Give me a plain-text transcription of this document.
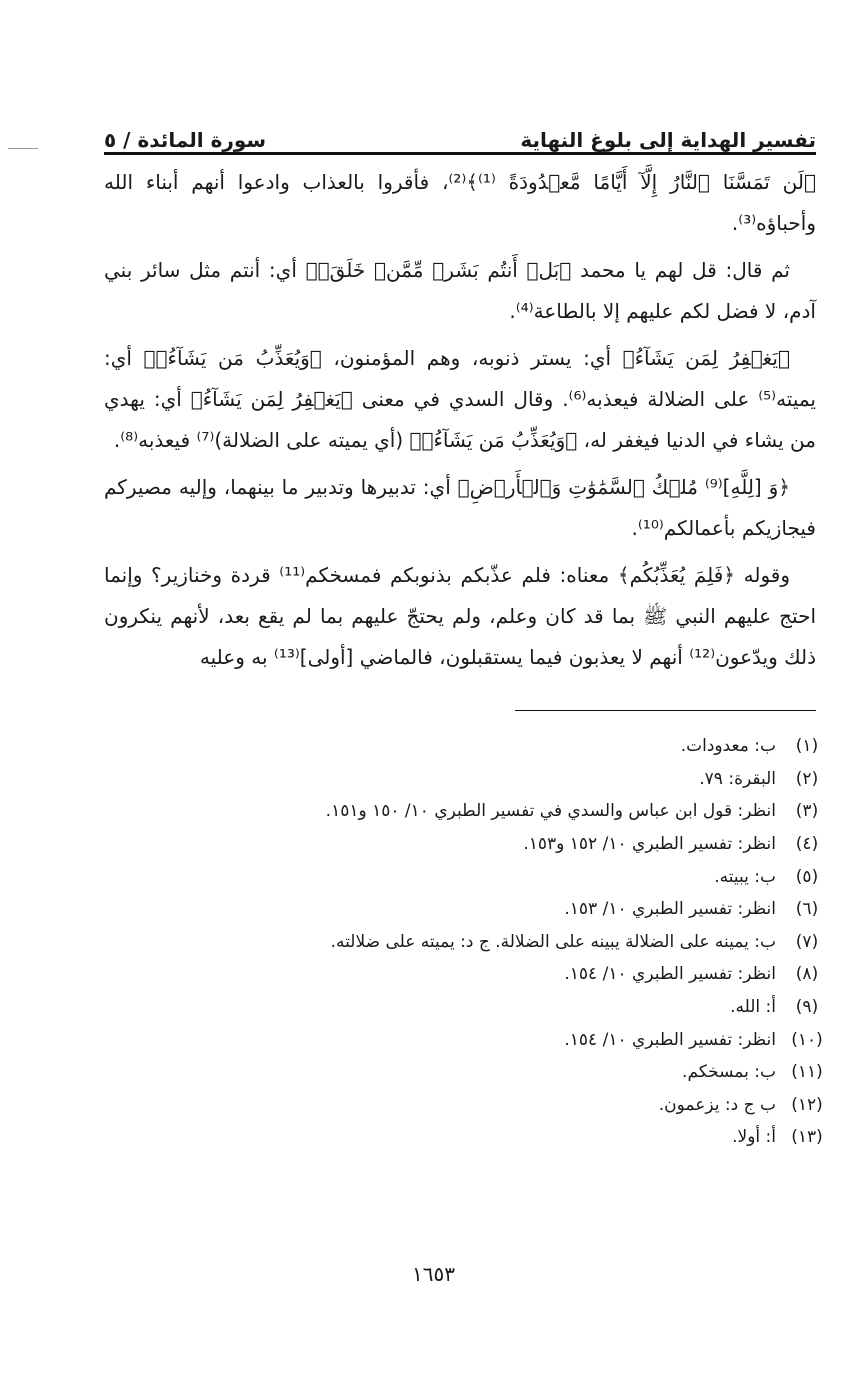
تفسير الهداية إلى بلوغ النهاية
سورة المائدة / ٥

﴿لَن تَمَسَّنَا ٱلنَّارُ إِلَّآ أَيَّامًا مَّعۡدُودَةً ⁽¹⁾﴾⁽²⁾، فأقروا بالعذاب وادعوا أنهم أبناء الله وأحباؤه⁽³⁾.

ثم قال: قل لهم يا محمد ﴿بَلۡ أَنتُم بَشَرٞ مِّمَّنۡ خَلَقَۚ﴾ أي: أنتم مثل سائر بني آدم، لا فضل لكم عليهم إلا بالطاعة⁽⁴⁾.

﴿يَغۡفِرُ لِمَن يَشَآءُ﴾ أي: يستر ذنوبه، وهم المؤمنون، ﴿وَيُعَذِّبُ مَن يَشَآءُۚ﴾ أي: يميته⁽⁵⁾ على الضلالة فيعذبه⁽⁶⁾. وقال السدي في معنى ﴿يَغۡفِرُ لِمَن يَشَآءُ﴾ أي: يهدي من يشاء في الدنيا فيغفر له، ﴿وَيُعَذِّبُ مَن يَشَآءُۚ﴾ (أي يميته على الضلالة)⁽⁷⁾ فيعذبه⁽⁸⁾.

﴿وَ [لِلَّهِ]⁽⁹⁾ مُلۡكُ ٱلسَّمَٰوَٰتِ وَٱلۡأَرۡضِ﴾ أي: تدبيرها وتدبير ما بينهما، وإليه مصيركم فيجازيكم بأعمالكم⁽¹⁰⁾.

وقوله ﴿فَلِمَ يُعَذِّبُكُم﴾ معناه: فلم عذّبكم بذنوبكم فمسخكم⁽¹¹⁾ قردة وخنازير؟ وإنما احتج عليهم النبي ﷺ بما قد كان وعلم، ولم يحتجّ عليهم بما لم يقع بعد، لأنهم ينكرون ذلك ويدّعون⁽¹²⁾ أنهم لا يعذبون فيما يستقبلون، فالماضي [أولى]⁽¹³⁾ به وعليه

(١)
ب: معدودات.
(٢)
البقرة: ٧٩.
(٣)
انظر: قول ابن عباس والسدي في تفسير الطبري ١٠/ ١٥٠ و١٥١.
(٤)
انظر: تفسير الطبري ١٠/ ١٥٢ و١٥٣.
(٥)
ب: يبيته.
(٦)
انظر: تفسير الطبري ١٠/ ١٥٣.
(٧)
ب: يمينه على الضلالة يبينه على الضلالة. ج د: يميته على ضلالته.
(٨)
انظر: تفسير الطبري ١٠/ ١٥٤.
(٩)
أ: الله.
(١٠)
انظر: تفسير الطبري ١٠/ ١٥٤.
(١١)
ب: بمسخكم.
(١٢)
ب ج د: يزعمون.
(١٣)
أ: أولا.
١٦٥٣
